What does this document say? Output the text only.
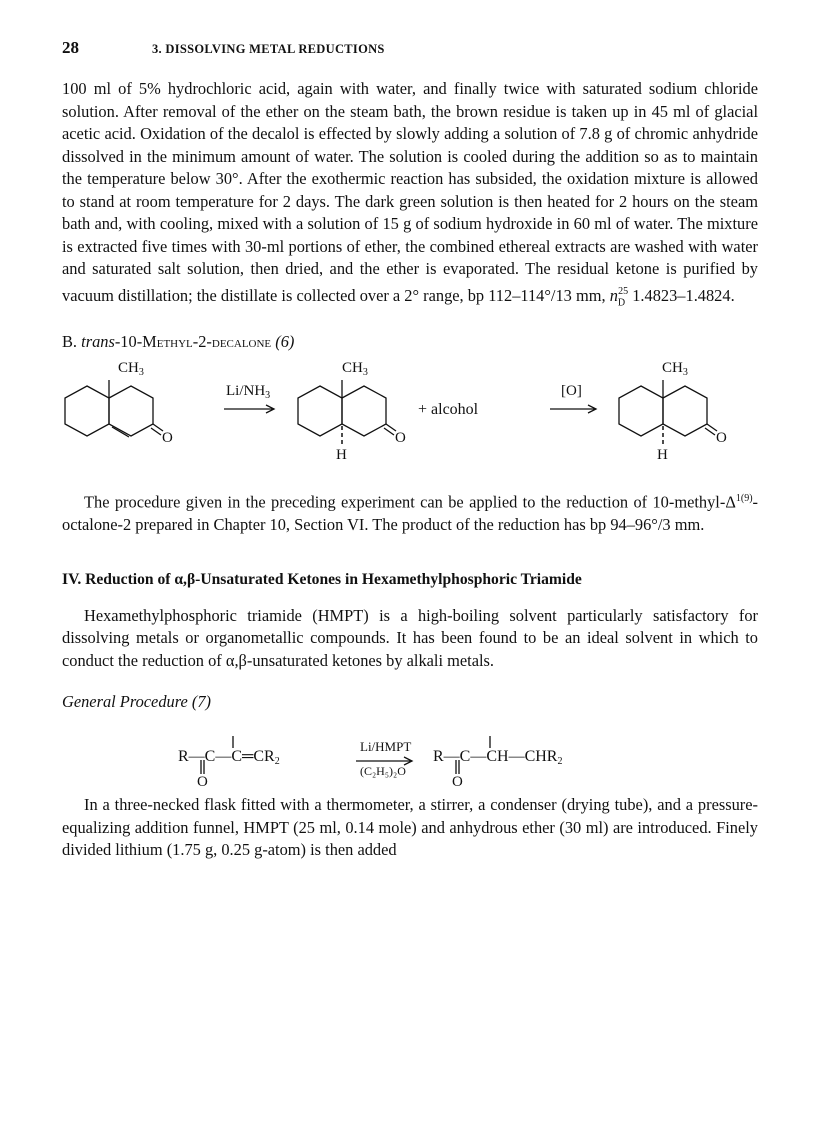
28	3. DISSOLVING METAL REDUCTIONS

100 ml of 5% hydrochloric acid, again with water, and finally twice with saturated sodium chloride solution. After removal of the ether on the steam bath, the brown residue is taken up in 45 ml of glacial acetic acid. Oxidation of the decalol is effected by slowly adding a solution of 7.8 g of chromic anhydride dissolved in the minimum amount of water. The solution is cooled during the addition so as to maintain the temperature below 30°. After the exothermic reaction has subsided, the oxidation mixture is allowed to stand at room temperature for 2 days. The dark green solution is then heated for 2 hours on the steam bath and, with cooling, mixed with a solution of 15 g of sodium hydroxide in 60 ml of water. The mixture is extracted five times with 30-ml portions of ether, the combined ethereal extracts are washed with water and saturated salt solution, then dried, and the ether is evaporated. The residual ketone is purified by vacuum distillation; the distillate is collected over a 2° range, bp 112–114°/13 mm, $n_D^{25}$ 1.4823–1.4824.

B. trans-10-Methyl-2-decalone (6)
$CH_3$
O
$Li/NH_3$
$CH_3$
O
H
+ alcohol
[O]
$CH_3$
O
H

The procedure given in the preceding experiment can be applied to the reduction of $10-methyl-\Delta^{1(9)}-octalone-2$ prepared in Chapter 10, Section VI. The product of the reduction has bp 94–96°/3 mm.

IV. Reduction of α,β-Unsaturated Ketones in Hexamethylphosphoric Triamide

Hexamethylphosphoric triamide (HMPT) is a high-boiling solvent particularly satisfactory for dissolving metals or organometallic compounds. It has been found to be an ideal solvent in which to conduct the reduction of α,β-unsaturated ketones by alkali metals.

General Procedure (7)
$R—C—C═CR_2$
Li/HMPT
(C₂H₅)₂O
$R—C—CH—CHR_2$
O	O

In a three-necked flask fitted with a thermometer, a stirrer, a condenser (drying tube), and a pressure-equalizing addition funnel, HMPT (25 ml, 0.14 mole) and anhydrous ether (30 ml) are introduced. Finely divided lithium (1.75 g, 0.25 g-atom) is then added
